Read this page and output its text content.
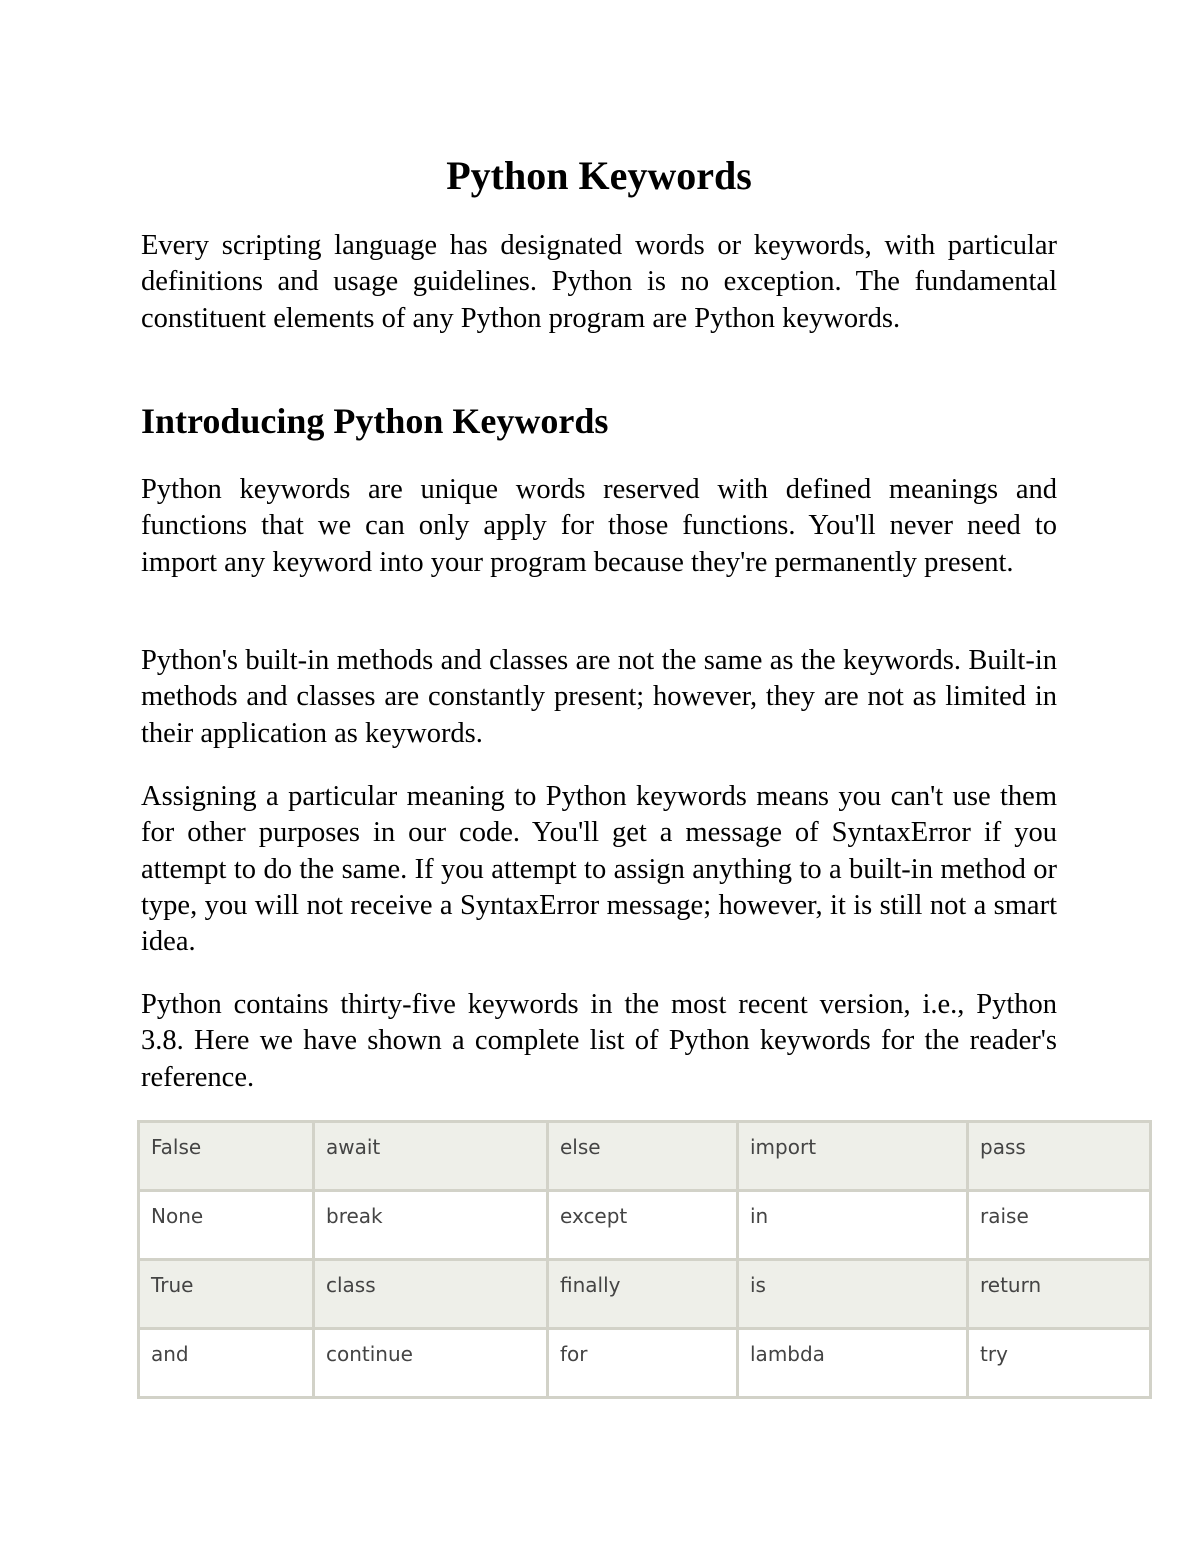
Python Keywords

Every scripting language has designated words or keywords, with particular definitions and usage guidelines. Python is no exception. The fundamental constituent elements of any Python program are Python keywords.

Introducing Python Keywords

Python keywords are unique words reserved with defined meanings and functions that we can only apply for those functions. You'll never need to import any keyword into your program because they're permanently present.

Python's built-in methods and classes are not the same as the keywords. Built-in methods and classes are constantly present; however, they are not as limited in their application as keywords.

Assigning a particular meaning to Python keywords means you can't use them for other purposes in our code. You'll get a message of SyntaxError if you attempt to do the same. If you attempt to assign anything to a built-in method or type, you will not receive a SyntaxError message; however, it is still not a smart idea.

Python contains thirty-five keywords in the most recent version, i.e., Python 3.8. Here we have shown a complete list of Python keywords for the reader's reference.

False	await	else	import	pass
None	break	except	in	raise
True	class	finally	is	return
and	continue	for	lambda	try
